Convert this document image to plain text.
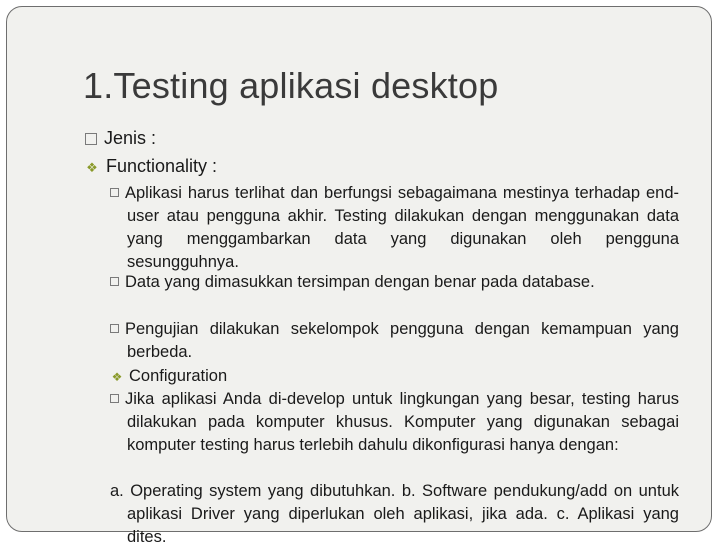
1.Testing aplikasi desktop
Jenis :
❖ Functionality :
Aplikasi harus terlihat dan berfungsi sebagaimana mestinya terhadap end-user atau pengguna akhir. Testing dilakukan dengan menggunakan data yang menggambarkan data yang digunakan oleh pengguna sesungguhnya.
Data yang dimasukkan tersimpan dengan benar pada database.
Pengujian dilakukan sekelompok pengguna dengan kemampuan yang berbeda.
❖ Configuration
Jika aplikasi Anda di-develop untuk lingkungan yang besar, testing harus dilakukan pada komputer khusus. Komputer yang digunakan sebagai komputer testing harus terlebih dahulu dikonfigurasi hanya dengan:
a. Operating system yang dibutuhkan. b. Software pendukung/add on untuk aplikasi Driver yang diperlukan oleh aplikasi, jika ada. c. Aplikasi yang dites.
